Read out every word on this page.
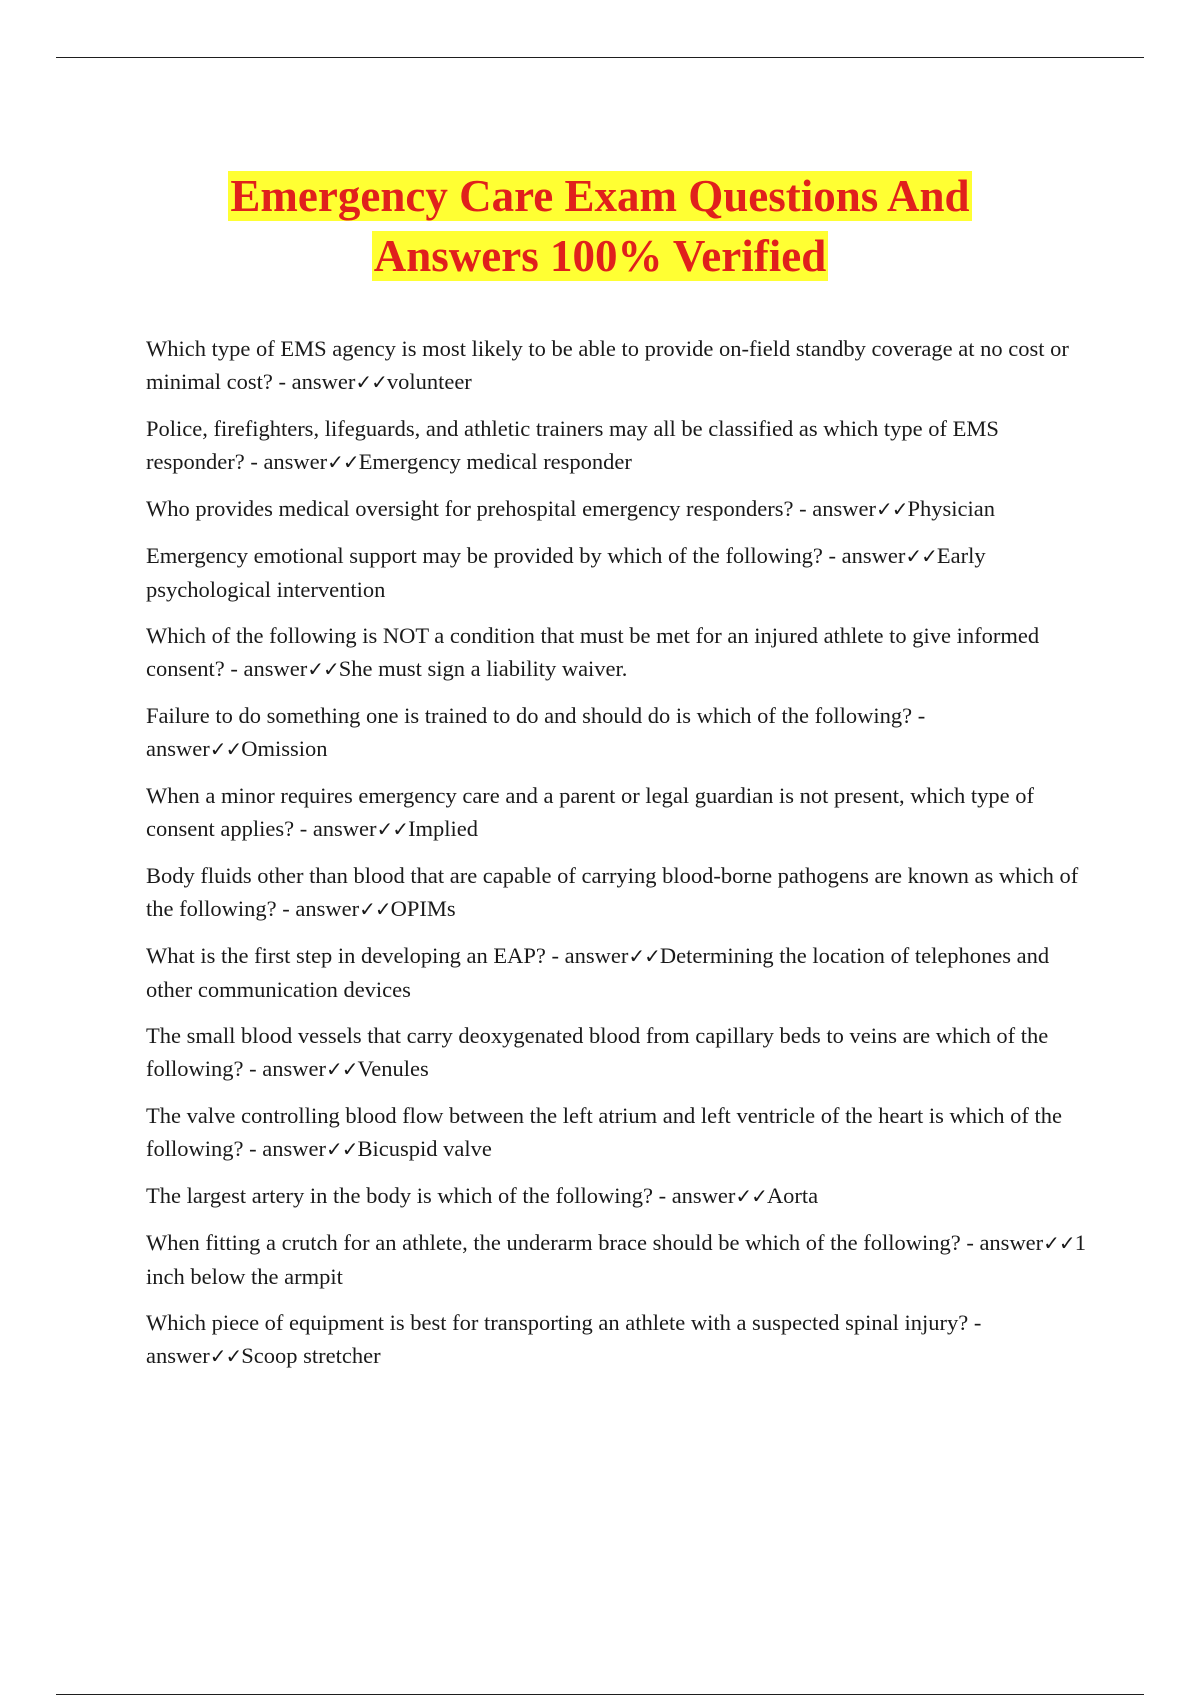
Emergency Care Exam Questions And
Answers 100% Verified

Which type of EMS agency is most likely to be able to provide on-field standby coverage at no cost or minimal cost? - answer✓✓volunteer

Police, firefighters, lifeguards, and athletic trainers may all be classified as which type of EMS responder? - answer✓✓Emergency medical responder

Who provides medical oversight for prehospital emergency responders? - answer✓✓Physician

Emergency emotional support may be provided by which of the following? - answer✓✓Early psychological intervention

Which of the following is NOT a condition that must be met for an injured athlete to give informed consent? - answer✓✓She must sign a liability waiver.

Failure to do something one is trained to do and should do is which of the following? - answer✓✓Omission

When a minor requires emergency care and a parent or legal guardian is not present, which type of consent applies? - answer✓✓Implied

Body fluids other than blood that are capable of carrying blood-borne pathogens are known as which of the following? - answer✓✓OPIMs

What is the first step in developing an EAP? - answer✓✓Determining the location of telephones and other communication devices

The small blood vessels that carry deoxygenated blood from capillary beds to veins are which of the following? - answer✓✓Venules

The valve controlling blood flow between the left atrium and left ventricle of the heart is which of the following? - answer✓✓Bicuspid valve

The largest artery in the body is which of the following? - answer✓✓Aorta

When fitting a crutch for an athlete, the underarm brace should be which of the following? - answer✓✓1 inch below the armpit

Which piece of equipment is best for transporting an athlete with a suspected spinal injury? - answer✓✓Scoop stretcher
